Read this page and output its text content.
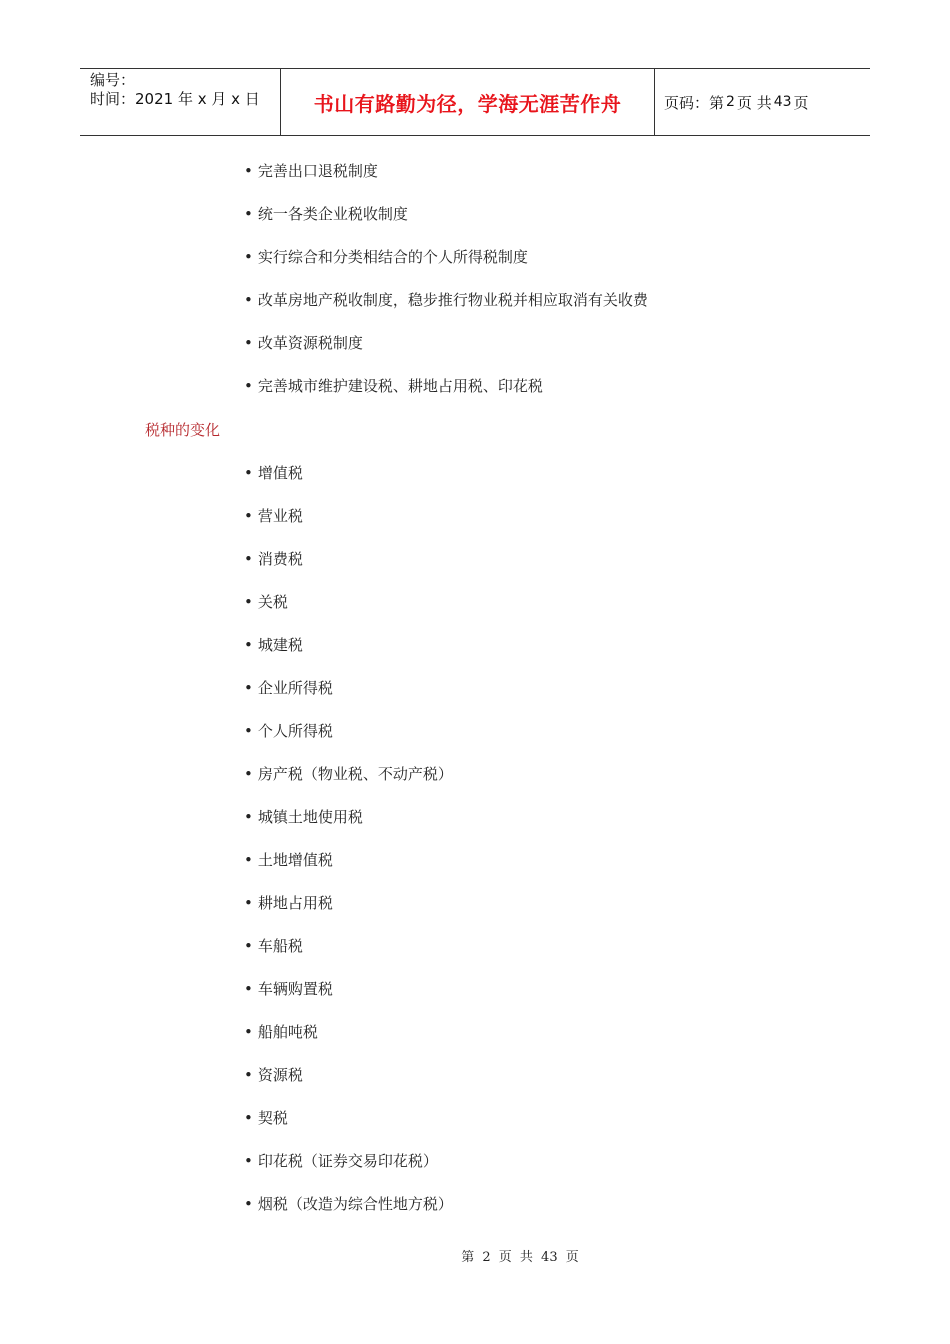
编号：
时间：2021 年 x 月 x 日	书山有路勤为径，学海无涯苦作舟	页码：第 2 页 共 43 页
• 完善出口退税制度
• 统一各类企业税收制度
• 实行综合和分类相结合的个人所得税制度
• 改革房地产税收制度，稳步推行物业税并相应取消有关收费
• 改革资源税制度
• 完善城市维护建设税、耕地占用税、印花税
税种的变化
• 增值税
• 营业税
• 消费税
• 关税
• 城建税
• 企业所得税
• 个人所得税
• 房产税（物业税、不动产税）
• 城镇土地使用税
• 土地增值税
• 耕地占用税
• 车船税
• 车辆购置税
• 船舶吨税
• 资源税
• 契税
• 印花税（证券交易印花税）
• 烟税（改造为综合性地方税）
第 2 页 共 43 页
